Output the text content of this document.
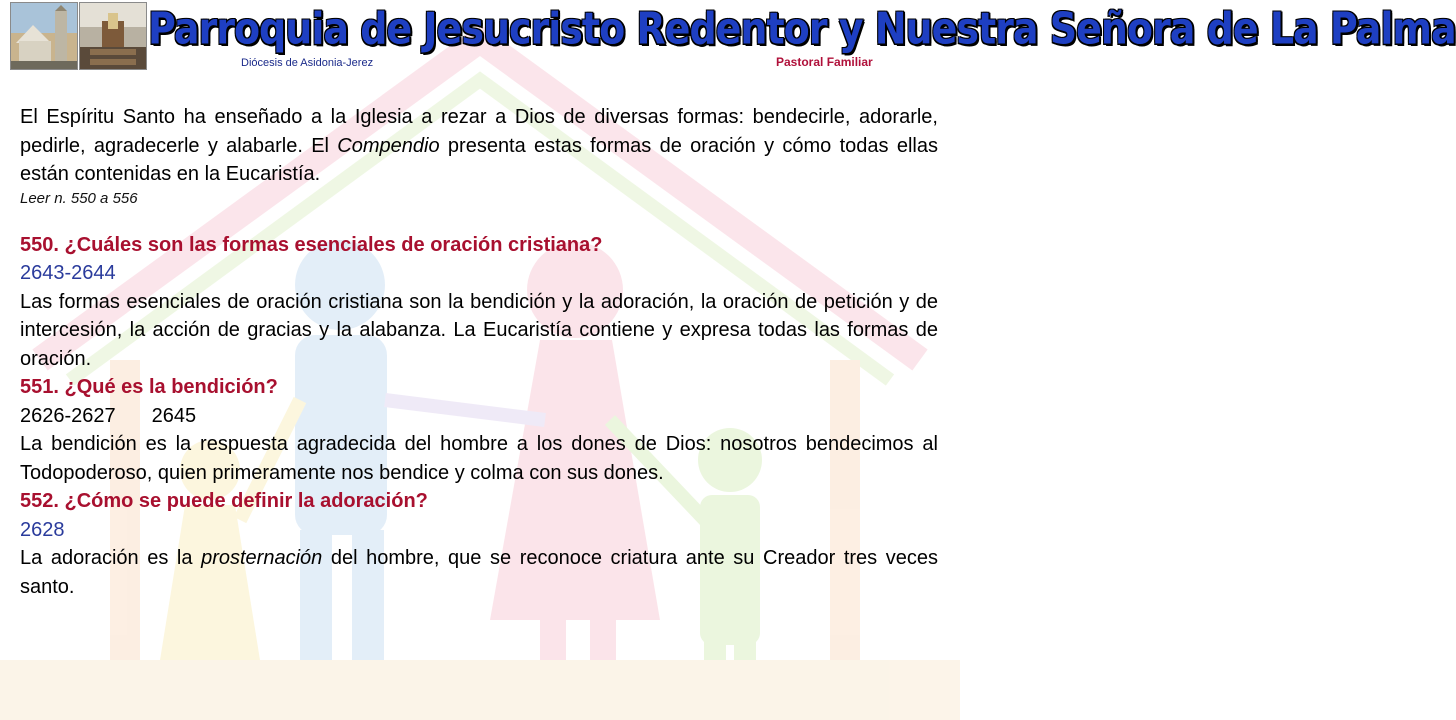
Parroquia de Jesucristo Redentor y Nuestra Señora de La Palma
Diócesis de Asidonia-Jerez	Pastoral Familiar

El Espíritu Santo ha enseñado a la Iglesia a rezar a Dios de diversas formas: bendecirle, adorarle, pedirle, agradecerle y alabarle. El Compendio presenta estas formas de oración y cómo todas ellas están contenidas en la Eucaristía.

Leer n. 550 a 556

550. ¿Cuáles son las formas esenciales de oración cristiana?

2643-2644

Las formas esenciales de oración cristiana son la bendición y la adoración, la oración de petición y de intercesión, la acción de gracias y la alabanza. La Eucaristía contiene y expresa todas las formas de oración.

551. ¿Qué es la bendición?

2626-2627 2645

La bendición es la respuesta agradecida del hombre a los dones de Dios: nosotros bendecimos al Todopoderoso, quien primeramente nos bendice y colma con sus dones.

552. ¿Cómo se puede definir la adoración?

2628

La adoración es la prosternación del hombre, que se reconoce criatura ante su Creador tres veces santo.
